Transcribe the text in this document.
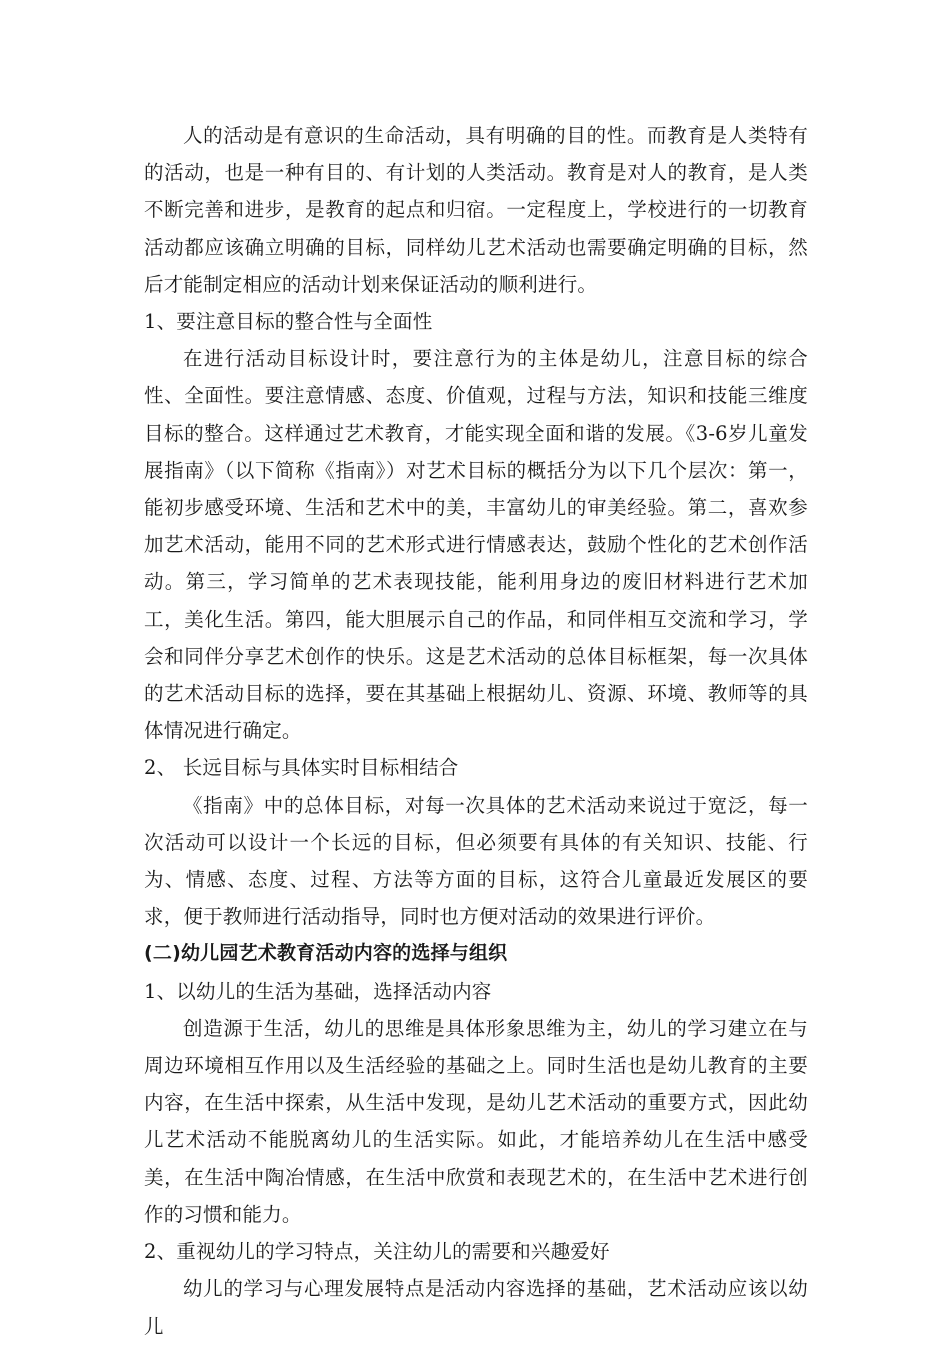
人的活动是有意识的生命活动，具有明确的目的性。而教育是人类特有的活动，也是一种有目的、有计划的人类活动。教育是对人的教育，是人类不断完善和进步，是教育的起点和归宿。一定程度上，学校进行的一切教育活动都应该确立明确的目标，同样幼儿艺术活动也需要确定明确的目标，然后才能制定相应的活动计划来保证活动的顺利进行。

1、要注意目标的整合性与全面性

在进行活动目标设计时，要注意行为的主体是幼儿，注意目标的综合性、全面性。要注意情感、态度、价值观，过程与方法，知识和技能三维度目标的整合。这样通过艺术教育，才能实现全面和谐的发展。《3-6岁儿童发展指南》（以下简称《指南》）对艺术目标的概括分为以下几个层次：第一，能初步感受环境、生活和艺术中的美，丰富幼儿的审美经验。第二，喜欢参加艺术活动，能用不同的艺术形式进行情感表达，鼓励个性化的艺术创作活动。第三，学习简单的艺术表现技能，能利用身边的废旧材料进行艺术加工，美化生活。第四，能大胆展示自己的作品，和同伴相互交流和学习，学会和同伴分享艺术创作的快乐。这是艺术活动的总体目标框架，每一次具体的艺术活动目标的选择，要在其基础上根据幼儿、资源、环境、教师等的具体情况进行确定。

2、 长远目标与具体实时目标相结合

《指南》中的总体目标，对每一次具体的艺术活动来说过于宽泛，每一次活动可以设计一个长远的目标，但必须要有具体的有关知识、技能、行为、情感、态度、过程、方法等方面的目标，这符合儿童最近发展区的要求，便于教师进行活动指导，同时也方便对活动的效果进行评价。

(二)幼儿园艺术教育活动内容的选择与组织

1、以幼儿的生活为基础，选择活动内容

创造源于生活，幼儿的思维是具体形象思维为主，幼儿的学习建立在与周边环境相互作用以及生活经验的基础之上。同时生活也是幼儿教育的主要内容，在生活中探索，从生活中发现，是幼儿艺术活动的重要方式，因此幼儿艺术活动不能脱离幼儿的生活实际。如此，才能培养幼儿在生活中感受美，在生活中陶冶情感，在生活中欣赏和表现艺术的，在生活中艺术进行创作的习惯和能力。

2、重视幼儿的学习特点，关注幼儿的需要和兴趣爱好

幼儿的学习与心理发展特点是活动内容选择的基础，艺术活动应该以幼儿
